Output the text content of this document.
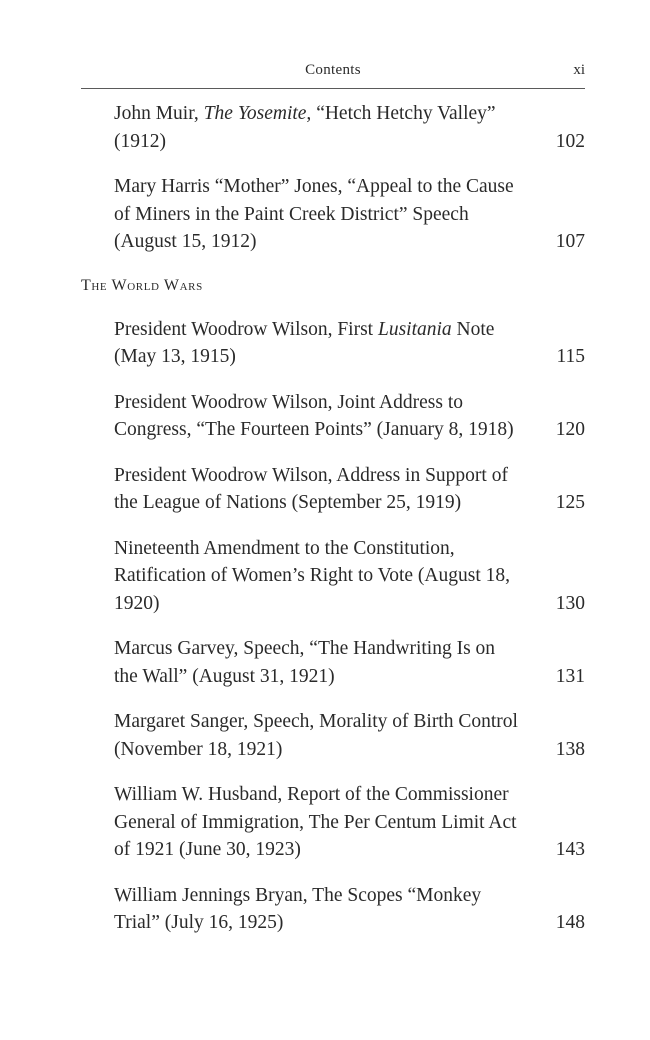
Contents	xi
John Muir, The Yosemite, “Hetch Hetchy Valley” (1912)	102
Mary Harris “Mother” Jones, “Appeal to the Cause of Miners in the Paint Creek District” Speech (August 15, 1912)	107
The World Wars
President Woodrow Wilson, First Lusitania Note (May 13, 1915)	115
President Woodrow Wilson, Joint Address to Congress, “The Fourteen Points” (January 8, 1918) 120
President Woodrow Wilson, Address in Support of the League of Nations (September 25, 1919)	125
Nineteenth Amendment to the Constitution, Ratification of Women’s Right to Vote (August 18, 1920)	130
Marcus Garvey, Speech, “The Handwriting Is on the Wall” (August 31, 1921)	131
Margaret Sanger, Speech, Morality of Birth Control (November 18, 1921)	138
William W. Husband, Report of the Commissioner General of Immigration, The Per Centum Limit Act of 1921 (June 30, 1923)	143
William Jennings Bryan, The Scopes “Monkey Trial” (July 16, 1925)	148
